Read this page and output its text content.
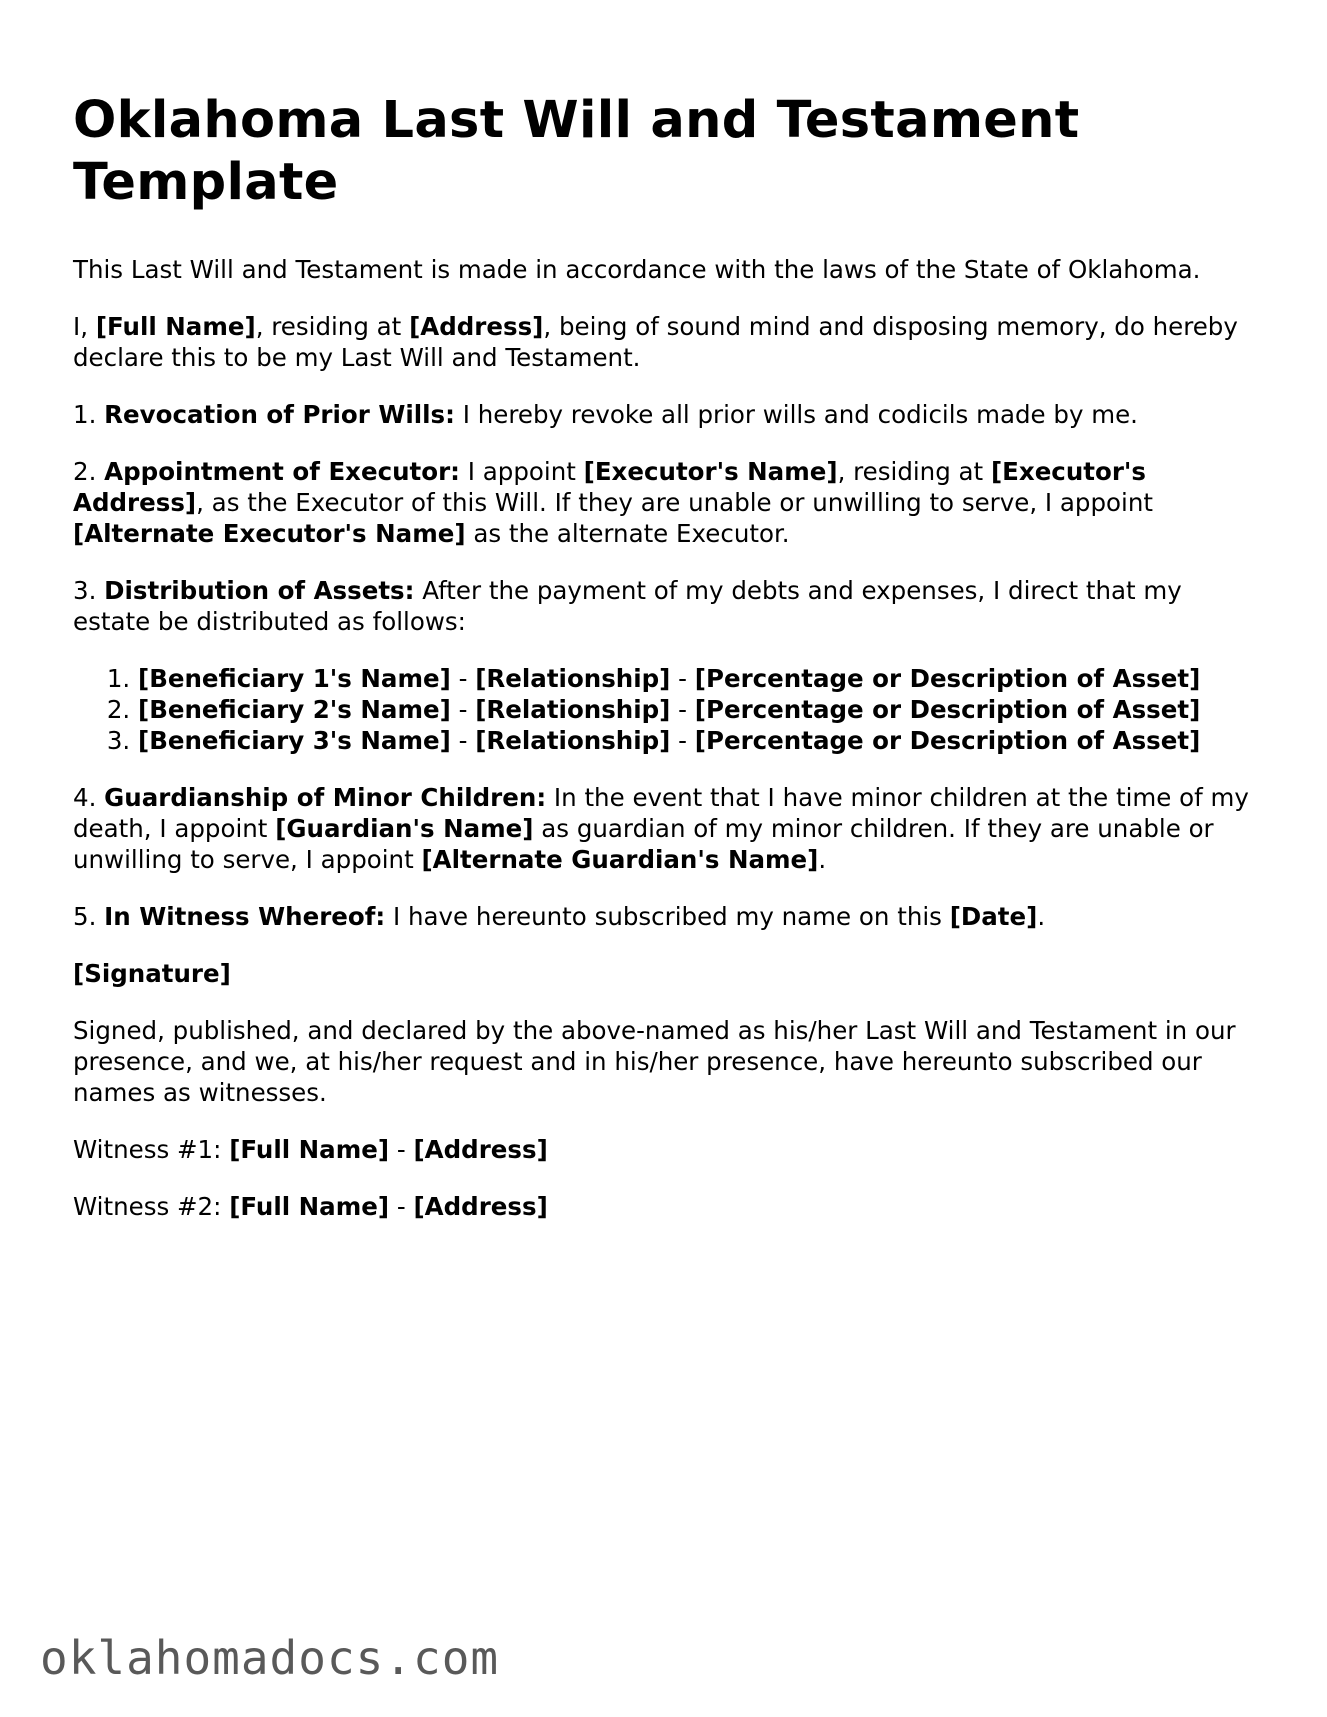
Oklahoma Last Will and Testament Template

This Last Will and Testament is made in accordance with the laws of the State of Oklahoma.

I, [Full Name], residing at [Address], being of sound mind and disposing memory, do hereby declare this to be my Last Will and Testament.

1. Revocation of Prior Wills: I hereby revoke all prior wills and codicils made by me.

2. Appointment of Executor: I appoint [Executor's Name], residing at [Executor's Address], as the Executor of this Will. If they are unable or unwilling to serve, I appoint [Alternate Executor's Name] as the alternate Executor.

3. Distribution of Assets: After the payment of my debts and expenses, I direct that my estate be distributed as follows:

1. [Beneficiary 1's Name] - [Relationship] - [Percentage or Description of Asset]
2. [Beneficiary 2's Name] - [Relationship] - [Percentage or Description of Asset]
3. [Beneficiary 3's Name] - [Relationship] - [Percentage or Description of Asset]

4. Guardianship of Minor Children: In the event that I have minor children at the time of my death, I appoint [Guardian's Name] as guardian of my minor children. If they are unable or unwilling to serve, I appoint [Alternate Guardian's Name].

5. In Witness Whereof: I have hereunto subscribed my name on this [Date].

[Signature]

Signed, published, and declared by the above-named as his/her Last Will and Testament in our presence, and we, at his/her request and in his/her presence, have hereunto subscribed our names as witnesses.

Witness #1: [Full Name] - [Address]

Witness #2: [Full Name] - [Address]

oklahomadocs.com
